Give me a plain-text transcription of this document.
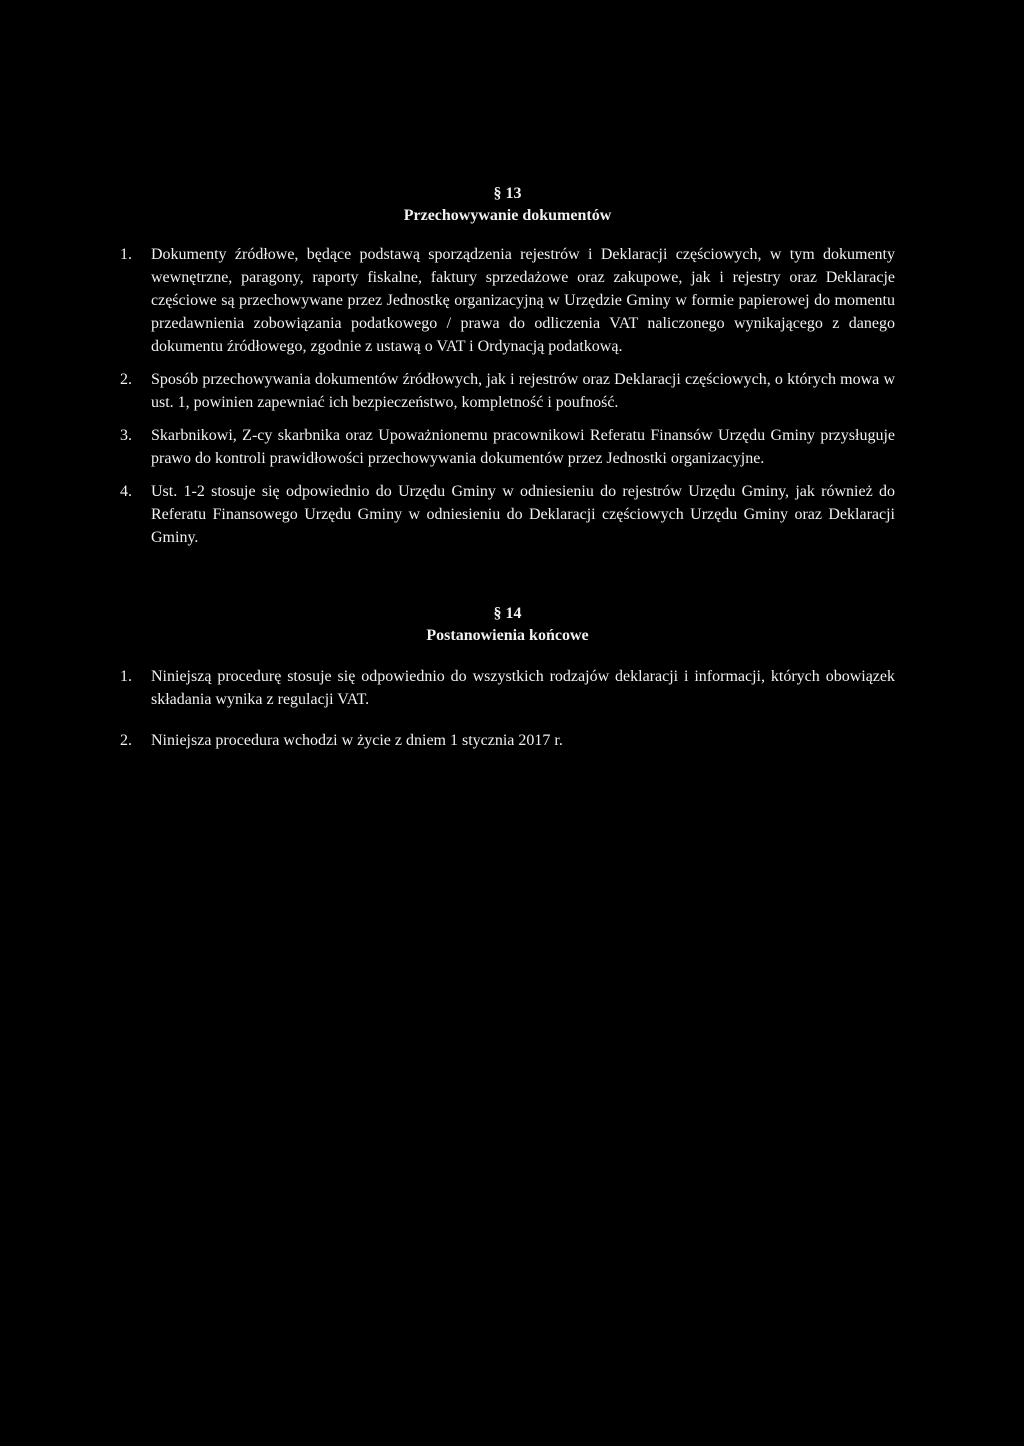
§ 13
Przechowywanie dokumentów
1. Dokumenty źródłowe, będące podstawą sporządzenia rejestrów i Deklaracji częściowych, w tym dokumenty wewnętrzne, paragony, raporty fiskalne, faktury sprzedażowe oraz zakupowe, jak i rejestry oraz Deklaracje częściowe są przechowywane przez Jednostkę organizacyjną w Urzędzie Gminy w formie papierowej do momentu przedawnienia zobowiązania podatkowego / prawa do odliczenia VAT naliczonego wynikającego z danego dokumentu źródłowego, zgodnie z ustawą o VAT i Ordynacją podatkową.
2. Sposób przechowywania dokumentów źródłowych, jak i rejestrów oraz Deklaracji częściowych, o których mowa w ust. 1, powinien zapewniać ich bezpieczeństwo, kompletność i poufność.
3. Skarbnikowi, Z-cy skarbnika oraz Upoważnionemu pracownikowi Referatu Finansów Urzędu Gminy przysługuje prawo do kontroli prawidłowości przechowywania dokumentów przez Jednostki organizacyjne.
4. Ust. 1-2 stosuje się odpowiednio do Urzędu Gminy w odniesieniu do rejestrów Urzędu Gminy, jak również do Referatu Finansowego Urzędu Gminy w odniesieniu do Deklaracji częściowych Urzędu Gminy oraz Deklaracji Gminy.
§ 14
Postanowienia końcowe
1. Niniejszą procedurę stosuje się odpowiednio do wszystkich rodzajów deklaracji i informacji, których obowiązek składania wynika z regulacji VAT.
2. Niniejsza procedura wchodzi w życie z dniem 1 stycznia 2017 r.
